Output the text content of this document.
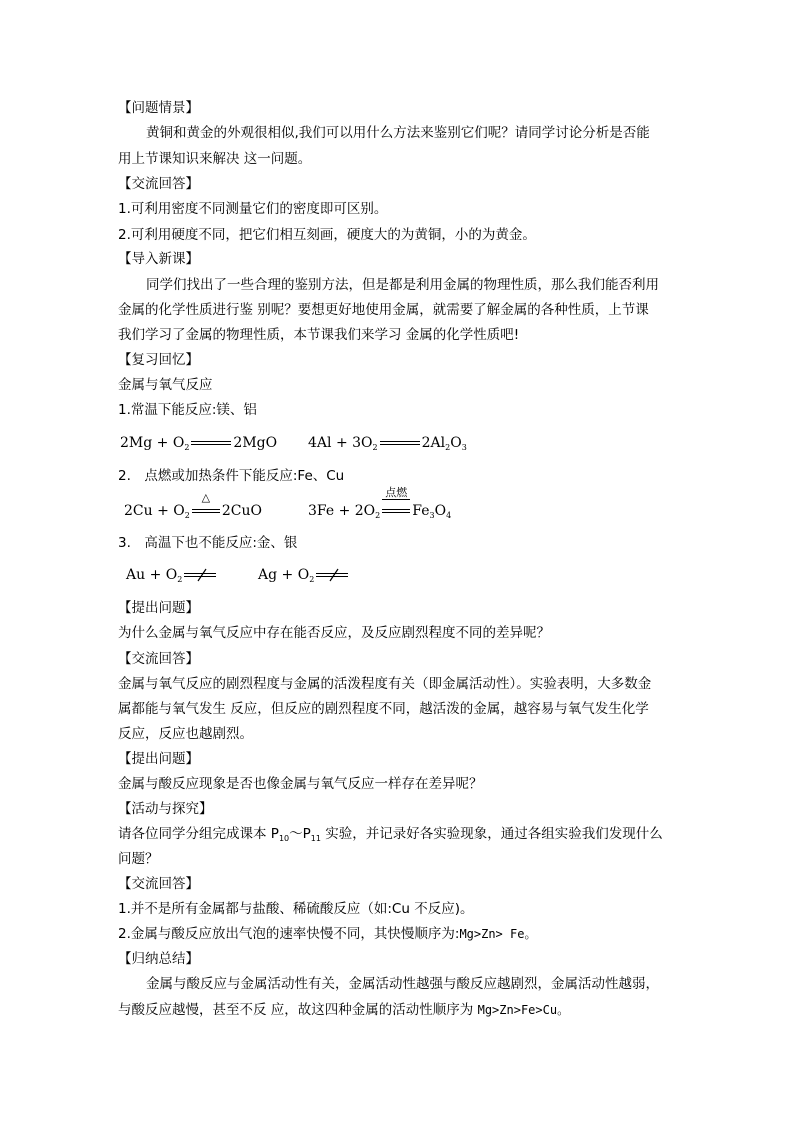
【问题情景】
黄铜和黄金的外观很相似,我们可以用什么方法来鉴别它们呢？请同学讨论分析是否能
用上节课知识来解决 这一问题。
【交流回答】
1.可利用密度不同测量它们的密度即可区别。
2.可利用硬度不同，把它们相互刻画，硬度大的为黄铜，小的为黄金。
【导入新课】
同学们找出了一些合理的鉴别方法，但是都是利用金属的物理性质，那么我们能否利用
金属的化学性质进行鉴 别呢？要想更好地使用金属，就需要了解金属的各种性质，上节课
我们学习了金属的物理性质，本节课我们来学习 金属的化学性质吧!
【复习回忆】
金属与氧气反应
1.常温下能反应:镁、铝
$2Mg + O_2$	2MgO $4Al + 3O_2$	$2Al_2O_3$
2.　点燃或加热条件下能反应:Fe、Cu
$2Cu + O_2$
△
2CuO	$3Fe + 2O_2$
点燃
$Fe_3O_4$
3.　高温下也不能反应:金、银
$Au + O_2$	$Ag + O_2$
【提出问题】
为什么金属与氧气反应中存在能否反应，及反应剧烈程度不同的差异呢？
【交流回答】
金属与氧气反应的剧烈程度与金属的活泼程度有关（即金属活动性）。实验表明，大多数金
属都能与氧气发生 反应，但反应的剧烈程度不同，越活泼的金属，越容易与氧气发生化学
反应，反应也越剧烈。
【提出问题】
金属与酸反应现象是否也像金属与氧气反应一样存在差异呢？
【活动与探究】
请各位同学分组完成课本 $P_{10}\sim P_{11}$ 实验，并记录好各实验现象，通过各组实验我们发现什么
问题？
【交流回答】
1.并不是所有金属都与盐酸、稀硫酸反应（如:Cu 不反应)。
2.金属与酸反应放出气泡的速率快慢不同，其快慢顺序为:Mg>Zn> Fe。
【归纳总结】
金属与酸反应与金属活动性有关，金属活动性越强与酸反应越剧烈，金属活动性越弱，
与酸反应越慢，甚至不反 应，故这四种金属的活动性顺序为 Mg>Zn>Fe>Cu。
